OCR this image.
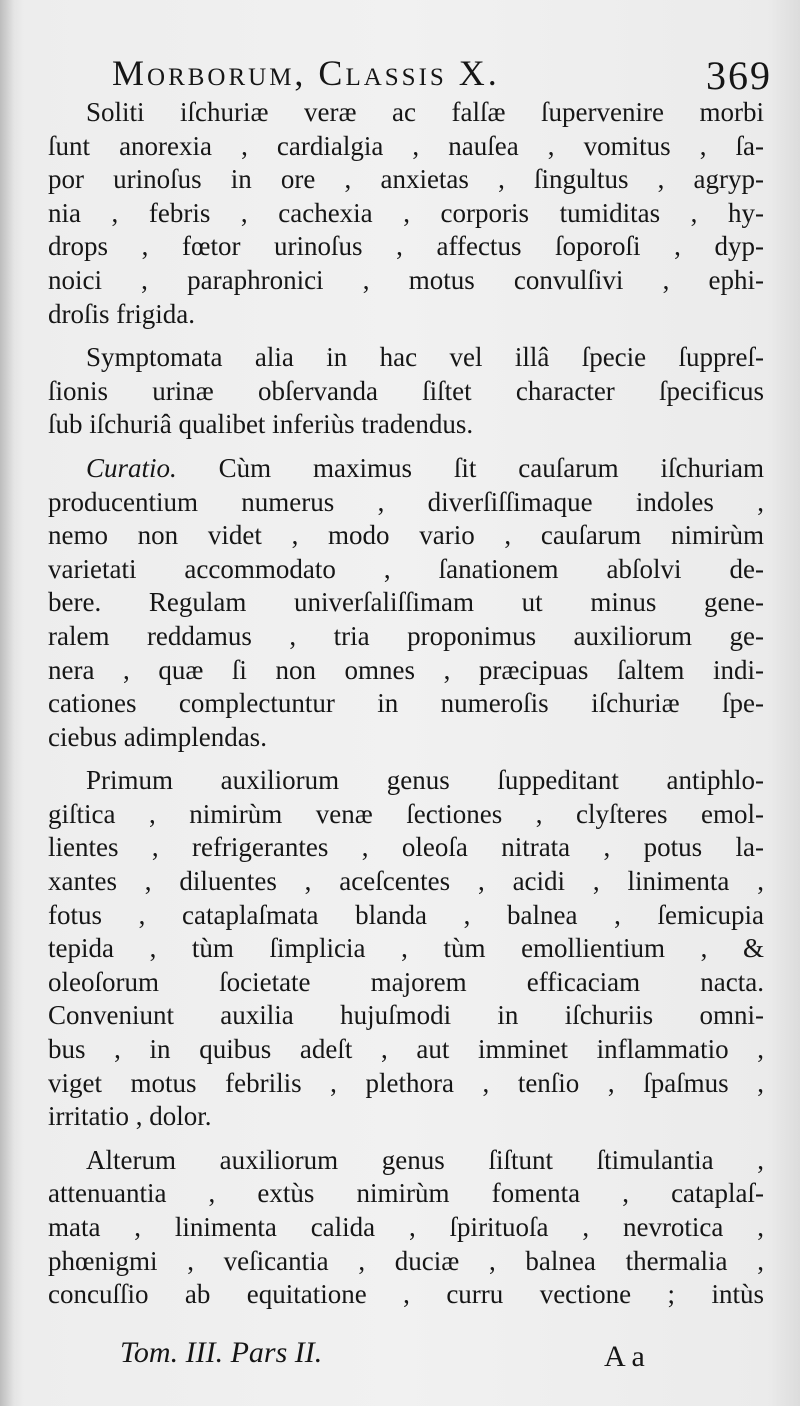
Morborum, Classis X.	369
Soliti iſchuriæ veræ ac falſæ ſupervenire morbi
ſunt anorexia , cardialgia , nauſea , vomitus , ſa-
por urinoſus in ore , anxietas , ſingultus , agryp-
nia , febris , cachexia , corporis tumiditas , hy-
drops , fœtor urinoſus , affectus ſoporoſi , dyp-
noici , paraphronici , motus convulſivi , ephi-
droſis frigida.
Symptomata alia in hac vel illâ ſpecie ſuppreſ-
ſionis urinæ obſervanda ſiſtet character ſpecificus
ſub iſchuriâ qualibet inferiùs tradendus.
Curatio. Cùm maximus ſit cauſarum iſchuriam
producentium numerus , diverſiſſimaque indoles ,
nemo non videt , modo vario , cauſarum nimirùm
varietati accommodato , ſanationem abſolvi de-
bere. Regulam univerſaliſſimam ut minus gene-
ralem reddamus , tria proponimus auxiliorum ge-
nera , quæ ſi non omnes , præcipuas ſaltem indi-
cationes complectuntur in numeroſis iſchuriæ ſpe-
ciebus adimplendas.
Primum auxiliorum genus ſuppeditant antiphlo-
giſtica , nimirùm venæ ſectiones , clyſteres emol-
lientes , refrigerantes , oleoſa nitrata , potus la-
xantes , diluentes , aceſcentes , acidi , linimenta ,
fotus , cataplaſmata blanda , balnea , ſemicupia
tepida , tùm ſimplicia , tùm emollientium , &
oleoſorum ſocietate majorem efficaciam nacta.
Conveniunt auxilia hujuſmodi in iſchuriis omni-
bus , in quibus adeſt , aut imminet inflammatio ,
viget motus febrilis , plethora , tenſio , ſpaſmus ,
irritatio , dolor.
Alterum auxiliorum genus ſiſtunt ſtimulantia ,
attenuantia , extùs nimirùm fomenta , cataplaſ-
mata , linimenta calida , ſpirituoſa , nevrotica ,
phœnigmi , veſicantia , duciæ , balnea thermalia ,
concuſſio ab equitatione , curru vectione ; intùs
Tom. III. Pars II.	A a
